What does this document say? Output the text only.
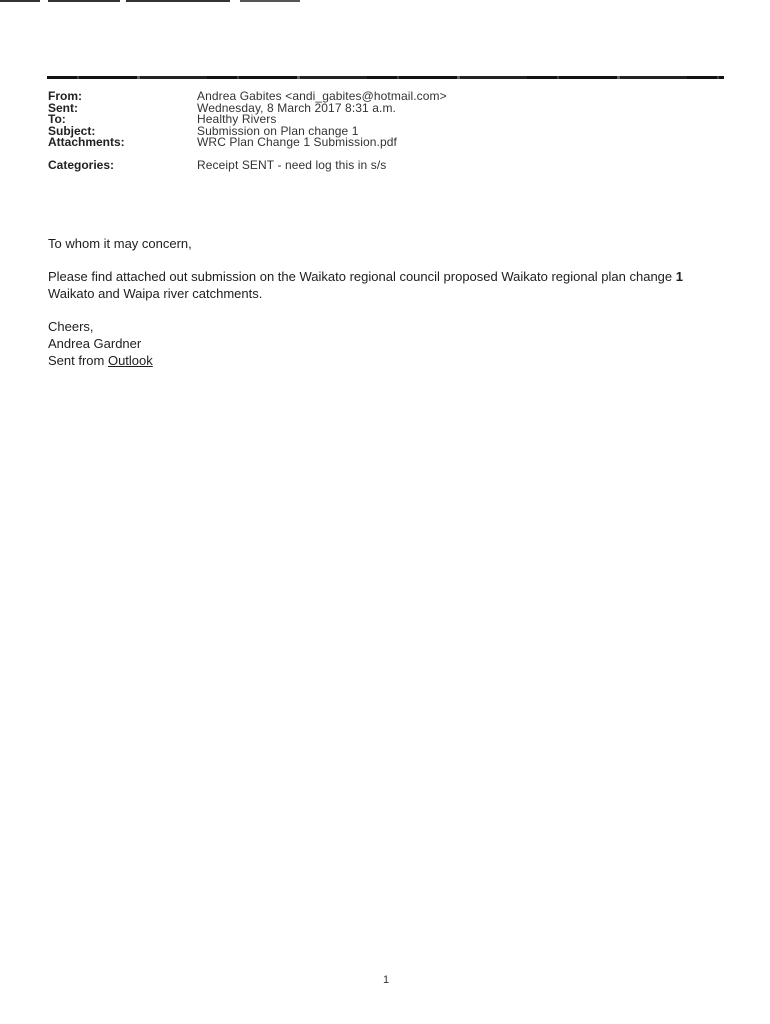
From:	Andrea Gabites <andi_gabites@hotmail.com>
Sent:	Wednesday, 8 March 2017 8:31 a.m.
To:	Healthy Rivers
Subject:	Submission on Plan change 1
Attachments:	WRC Plan Change 1 Submission.pdf
Categories:	Receipt SENT - need log this in s/s

To whom it may concern,

Please find attached out submission on the Waikato regional council proposed Waikato regional plan change 1 Waikato and Waipa river catchments.

Cheers,
Andrea Gardner
Sent from Outlook
1
